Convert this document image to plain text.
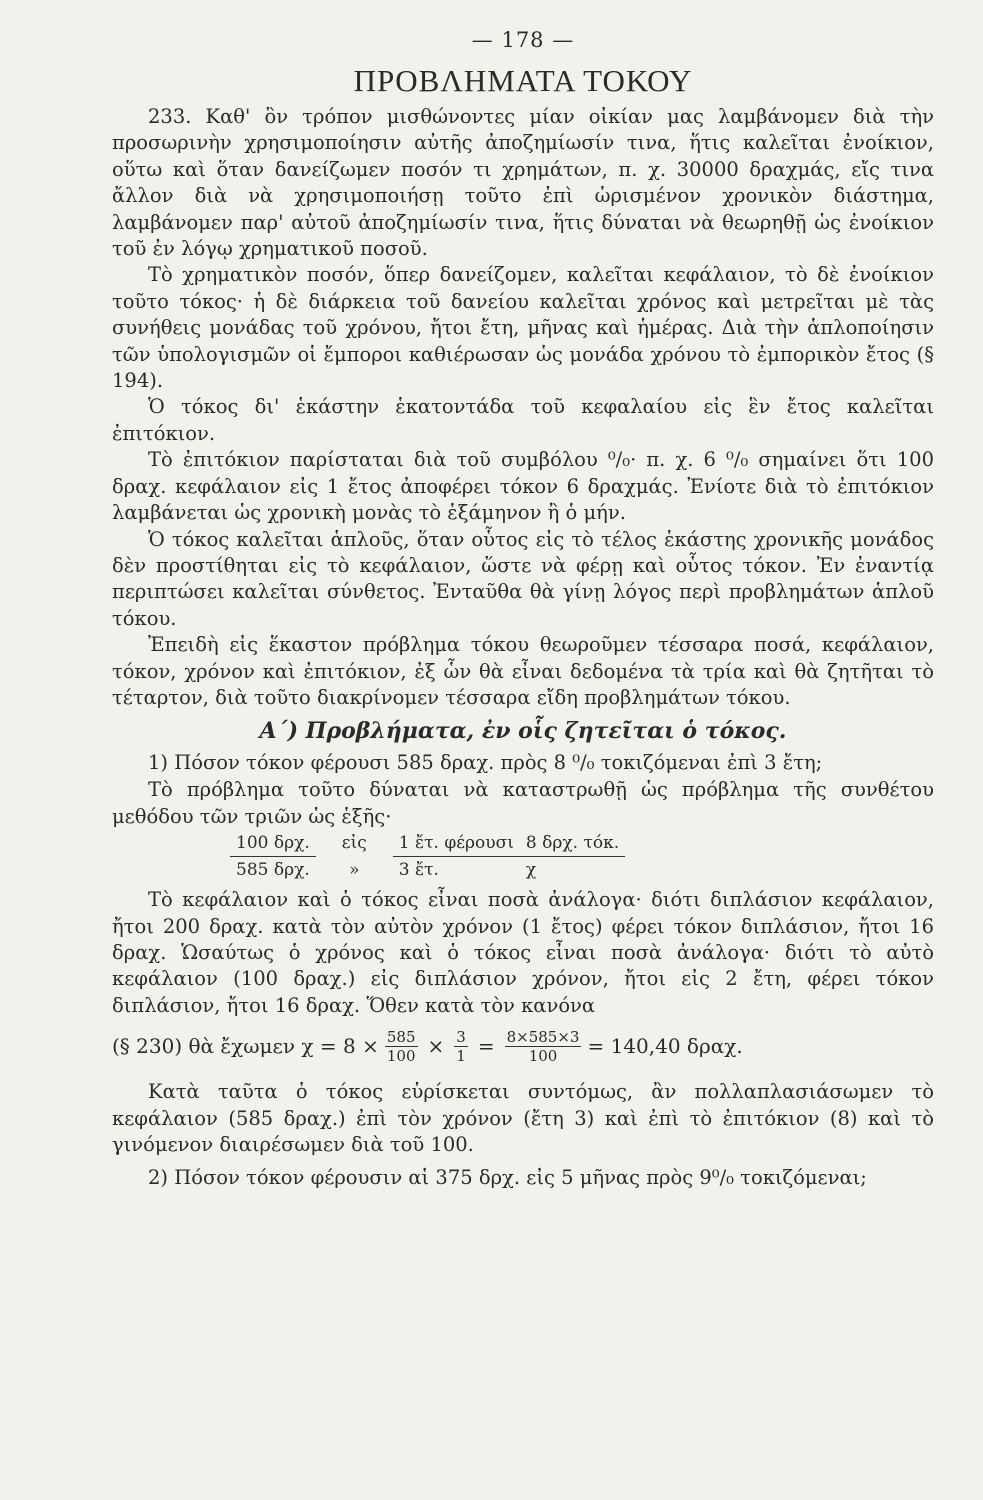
— 178 —
ΠΡΟΒΛΗΜΑΤΑ ΤΟΚΟΥ

233. Καθ' ὃν τρόπον μισθώνοντες μίαν οἰκίαν μας λαμβάνομεν διὰ τὴν προσωρινὴν χρησιμοποίησιν αὐτῆς ἀποζημίωσίν τινα, ἥτις καλεῖται ἐνοίκιον, οὕτω καὶ ὅταν δανείζωμεν ποσόν τι χρημάτων, π. χ. 30000 δραχμάς, εἴς τινα ἄλλον διὰ νὰ χρησιμοποιήσῃ τοῦτο ἐπὶ ὡρισμένον χρονικὸν διάστημα, λαμβάνομεν παρ' αὐτοῦ ἀποζημίωσίν τινα, ἥτις δύναται νὰ θεωρηθῇ ὡς ἐνοίκιον τοῦ ἐν λόγῳ χρηματικοῦ ποσοῦ.

Τὸ χρηματικὸν ποσόν, ὅπερ δανείζομεν, καλεῖται κεφάλαιον, τὸ δὲ ἐνοίκιον τοῦτο τόκος· ἡ δὲ διάρκεια τοῦ δανείου καλεῖται χρόνος καὶ μετρεῖται μὲ τὰς συνήθεις μονάδας τοῦ χρόνου, ἤτοι ἔτη, μῆνας καὶ ἡμέρας. Διὰ τὴν ἁπλοποίησιν τῶν ὑπολογισμῶν οἱ ἔμποροι καθιέρωσαν ὡς μονάδα χρόνου τὸ ἐμπορικὸν ἔτος (§ 194).

Ὁ τόκος δι' ἑκάστην ἑκατοντάδα τοῦ κεφαλαίου εἰς ἓν ἔτος καλεῖται ἐπιτόκιον.

Τὸ ἐπιτόκιον παρίσταται διὰ τοῦ συμβόλου ⁰/₀· π. χ. 6 ⁰/₀ σημαίνει ὅτι 100 δραχ. κεφάλαιον εἰς 1 ἔτος ἀποφέρει τόκον 6 δραχμάς. Ἐνίοτε διὰ τὸ ἐπιτόκιον λαμβάνεται ὡς χρονικὴ μονὰς τὸ ἑξάμηνον ἢ ὁ μήν.

Ὁ τόκος καλεῖται ἁπλοῦς, ὅταν οὗτος εἰς τὸ τέλος ἑκάστης χρονικῆς μονάδος δὲν προστίθηται εἰς τὸ κεφάλαιον, ὥστε νὰ φέρῃ καὶ οὗτος τόκον. Ἐν ἐναντίᾳ περιπτώσει καλεῖται σύνθετος. Ἐνταῦθα θὰ γίνῃ λόγος περὶ προβλημάτων ἁπλοῦ τόκου.

Ἐπειδὴ εἰς ἕκαστον πρόβλημα τόκου θεωροῦμεν τέσσαρα ποσά, κεφάλαιον, τόκον, χρόνον καὶ ἐπιτόκιον, ἐξ ὧν θὰ εἶναι δεδομένα τὰ τρία καὶ θὰ ζητῆται τὸ τέταρτον, διὰ τοῦτο διακρίνομεν τέσσαρα εἴδη προβλημάτων τόκου.

Α΄) Προβλήματα, ἐν οἷς ζητεῖται ὁ τόκος.

1) Πόσον τόκον φέρουσι 585 δραχ. πρὸς 8 ⁰/₀ τοκιζόμεναι ἐπὶ 3 ἔτη;

Τὸ πρόβλημα τοῦτο δύναται νὰ καταστρωθῇ ὡς πρόβλημα τῆς συνθέτου μεθόδου τῶν τριῶν ὡς ἑξῆς·

100 δρχ.	εἰς	1 ἔτ. φέρουσι	8 δρχ. τόκ.
585 δρχ.	»	3 ἔτ.	χ

Τὸ κεφάλαιον καὶ ὁ τόκος εἶναι ποσὰ ἀνάλογα· διότι διπλάσιον κεφάλαιον, ἤτοι 200 δραχ. κατὰ τὸν αὐτὸν χρόνον (1 ἔτος) φέρει τόκον διπλάσιον, ἤτοι 16 δραχ. Ὡσαύτως ὁ χρόνος καὶ ὁ τόκος εἶναι ποσὰ ἀνάλογα· διότι τὸ αὐτὸ κεφάλαιον (100 δραχ.) εἰς διπλάσιον χρόνον, ἤτοι εἰς 2 ἔτη, φέρει τόκον διπλάσιον, ἤτοι 16 δραχ. Ὅθεν κατὰ τὸν κανόνα

(§ 230) θὰ ἔχωμεν $\chi = 8 \times \frac{585}{100} \times \frac{3}{1} = \frac{8\times 585\times 3}{100} = 140,40$ δραχ.

Κατὰ ταῦτα ὁ τόκος εὑρίσκεται συντόμως, ἂν πολλαπλασιάσωμεν τὸ κεφάλαιον (585 δραχ.) ἐπὶ τὸν χρόνον (ἔτη 3) καὶ ἐπὶ τὸ ἐπιτόκιον (8) καὶ τὸ γινόμενον διαιρέσωμεν διὰ τοῦ 100.

2) Πόσον τόκον φέρουσιν αἱ 375 δρχ. εἰς 5 μῆνας πρὸς 9⁰/₀ τοκιζόμεναι;
